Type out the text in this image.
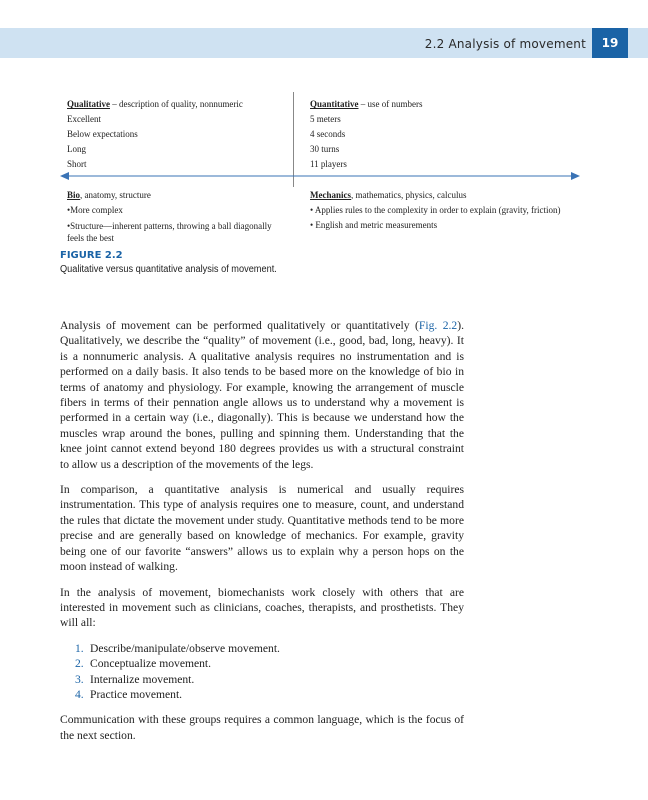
2.2 Analysis of movement	19
Qualitative – description of quality, nonnumeric
Excellent
Below expectations
Long
Short
Quantitative – use of numbers
5 meters
4 seconds
30 turns
11 players
Bio, anatomy, structure
•More complex
•Structure—inherent patterns, throwing a ball diagonally feels the best
Mechanics, mathematics, physics, calculus
• Applies rules to the complexity in order to explain (gravity, friction)
• English and metric measurements
FIGURE 2.2
Qualitative versus quantitative analysis of movement.

Analysis of movement can be performed qualitatively or quantitatively (Fig. 2.2). Qualitatively, we describe the “quality” of movement (i.e., good, bad, long, heavy). It is a nonnumeric analysis. A qualitative analysis requires no instrumentation and is performed on a daily basis. It also tends to be based more on the knowledge of bio in terms of anatomy and physiology. For example, knowing the arrangement of muscle fibers in terms of their pennation angle allows us to understand why a movement is performed in a certain way (i.e., diagonally). This is because we understand how the muscles wrap around the bones, pulling and spinning them. Understanding that the knee joint cannot extend beyond 180 degrees provides us with a structural constraint to allow us a description of the movements of the legs.

In comparison, a quantitative analysis is numerical and usually requires instrumentation. This type of analysis requires one to measure, count, and understand the rules that dictate the movement under study. Quantitative methods tend to be more precise and are generally based on knowledge of mechanics. For example, gravity being one of our favorite “answers” allows us to explain why a person hops on the moon instead of walking.

In the analysis of movement, biomechanists work closely with others that are interested in movement such as clinicians, coaches, therapists, and prosthetists. They will all:

1. Describe/manipulate/observe movement.
2. Conceptualize movement.
3. Internalize movement.
4. Practice movement.

Communication with these groups requires a common language, which is the focus of the next section.
